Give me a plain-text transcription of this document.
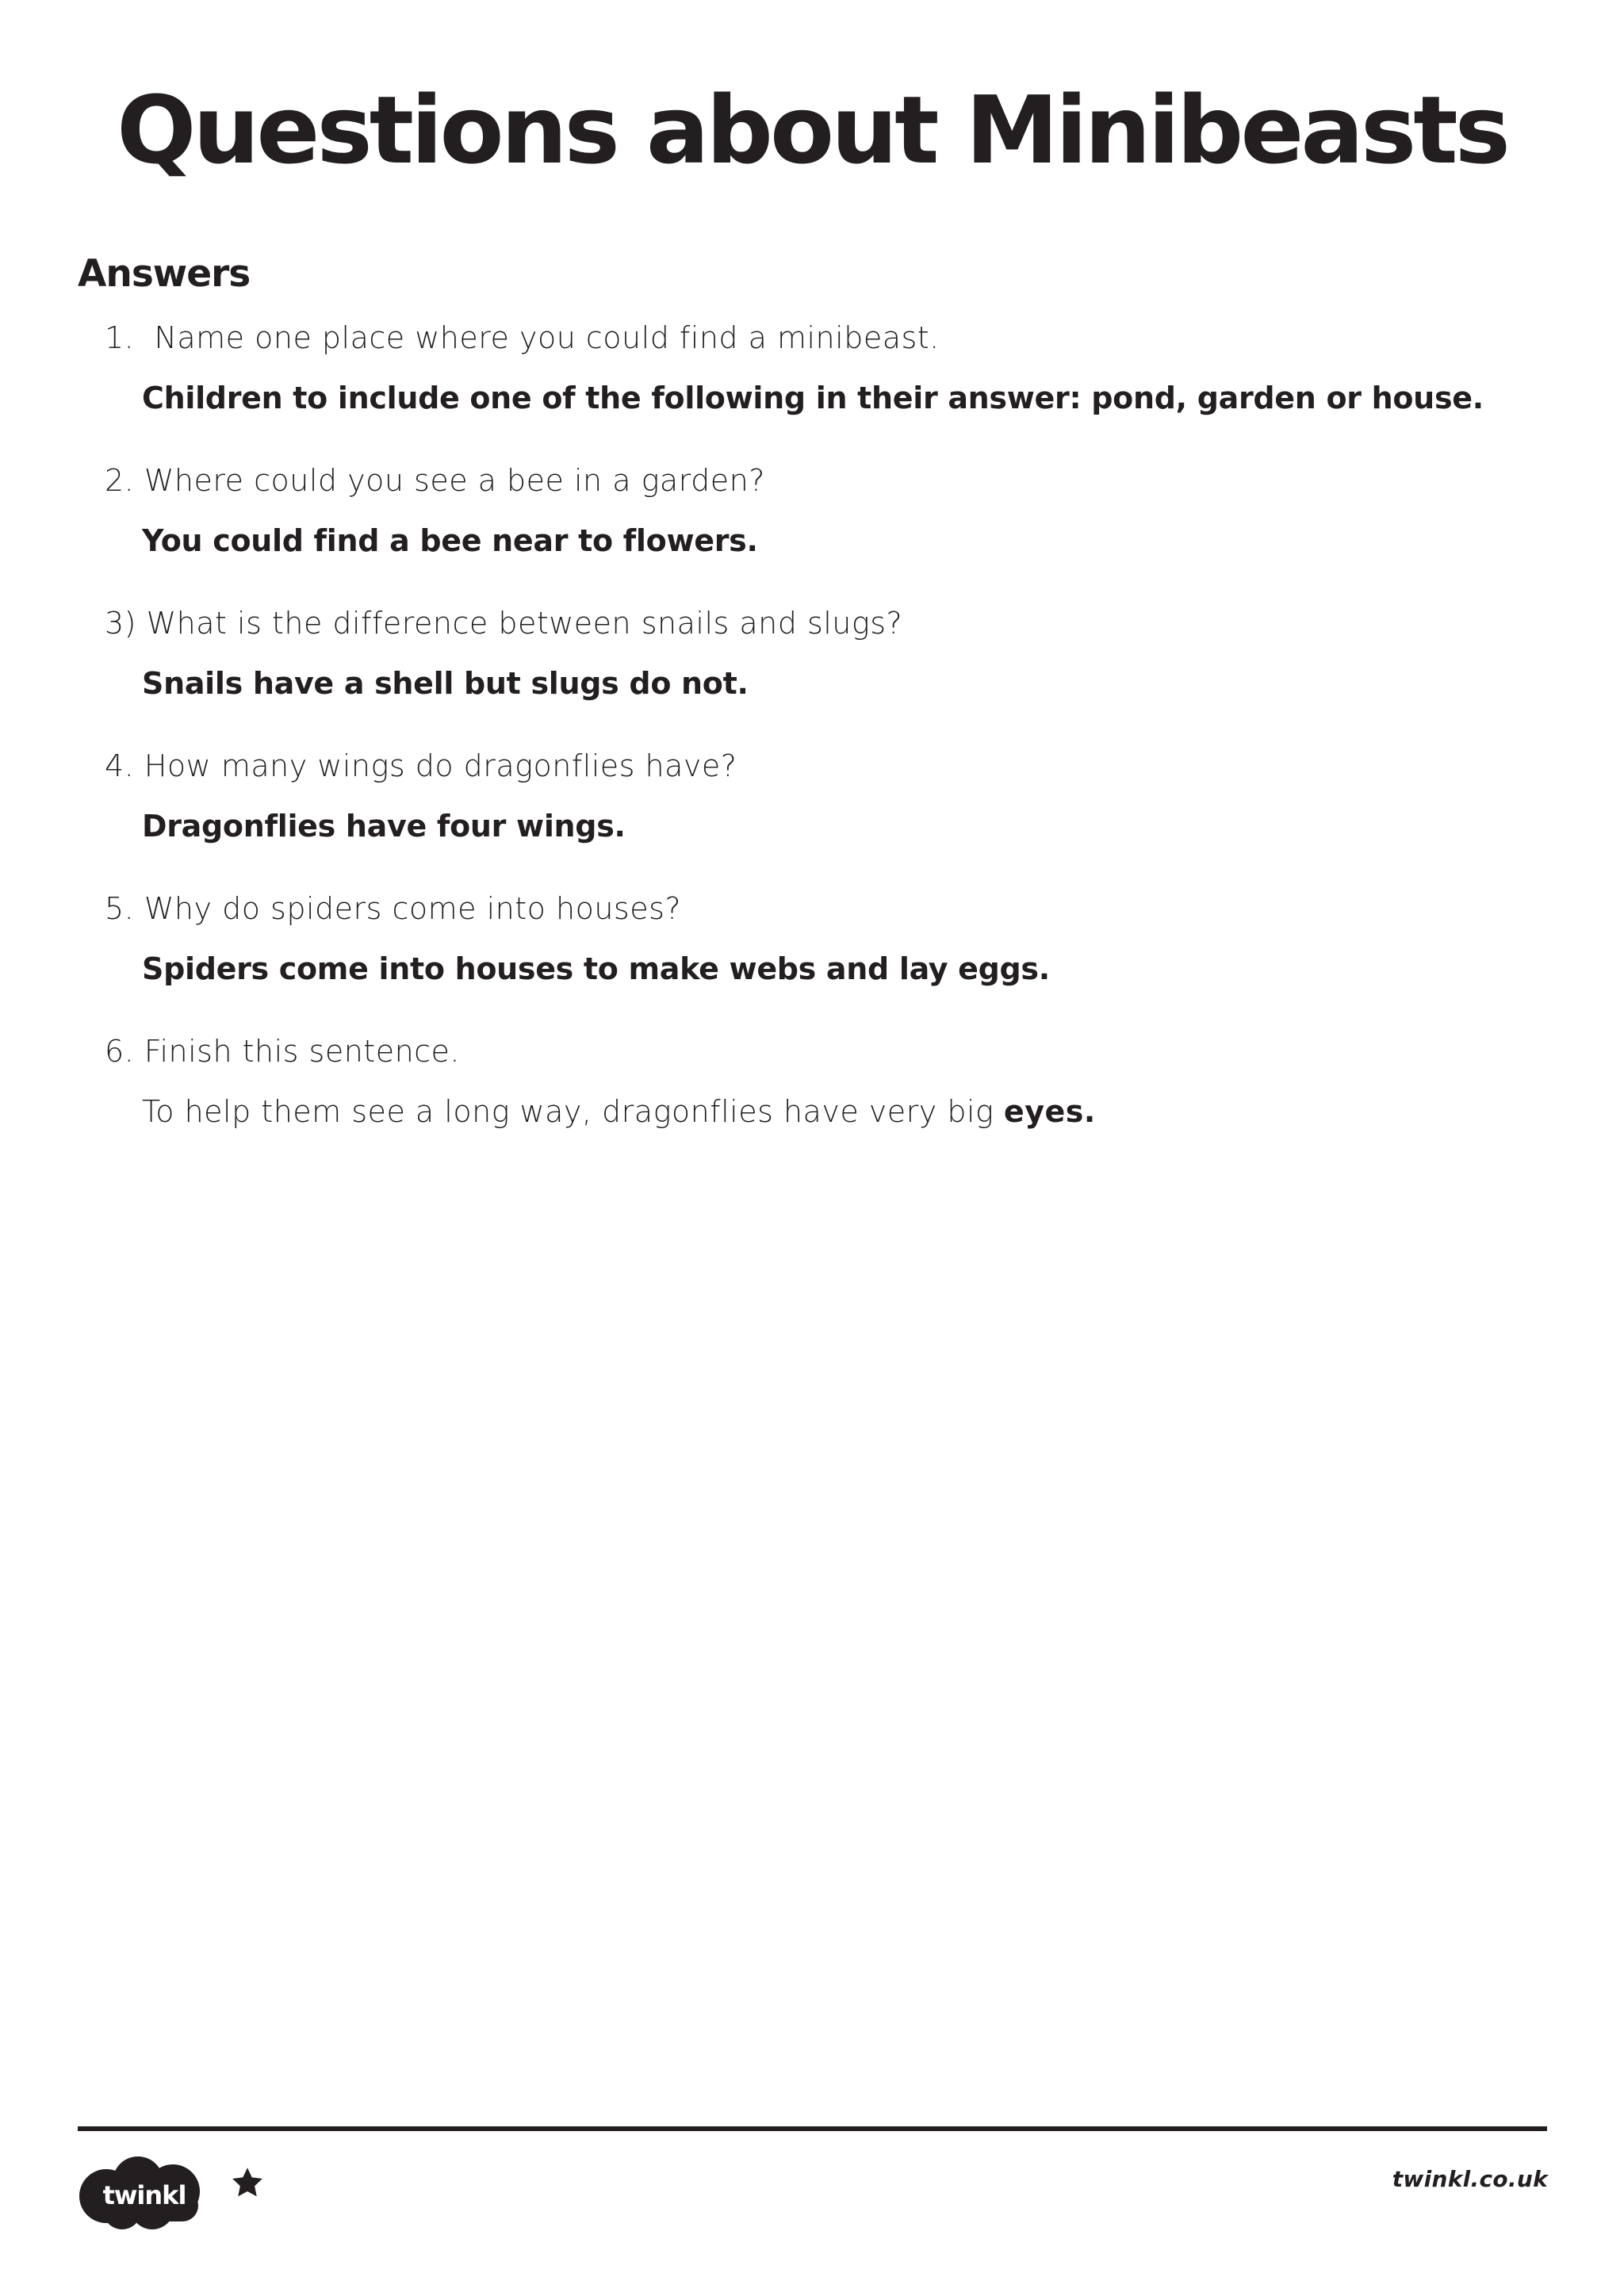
Questions about Minibeasts
Answers

1. Name one place where you could find a minibeast.

Children to include one of the following in their answer: pond, garden or house.

2. Where could you see a bee in a garden?

You could find a bee near to flowers.

3) What is the difference between snails and slugs?

Snails have a shell but slugs do not.

4. How many wings do dragonflies have?

Dragonflies have four wings.

5. Why do spiders come into houses?

Spiders come into houses to make webs and lay eggs.

6. Finish this sentence.

To help them see a long way, dragonflies have very big eyes.
twinkl
twinkl.co.uk
